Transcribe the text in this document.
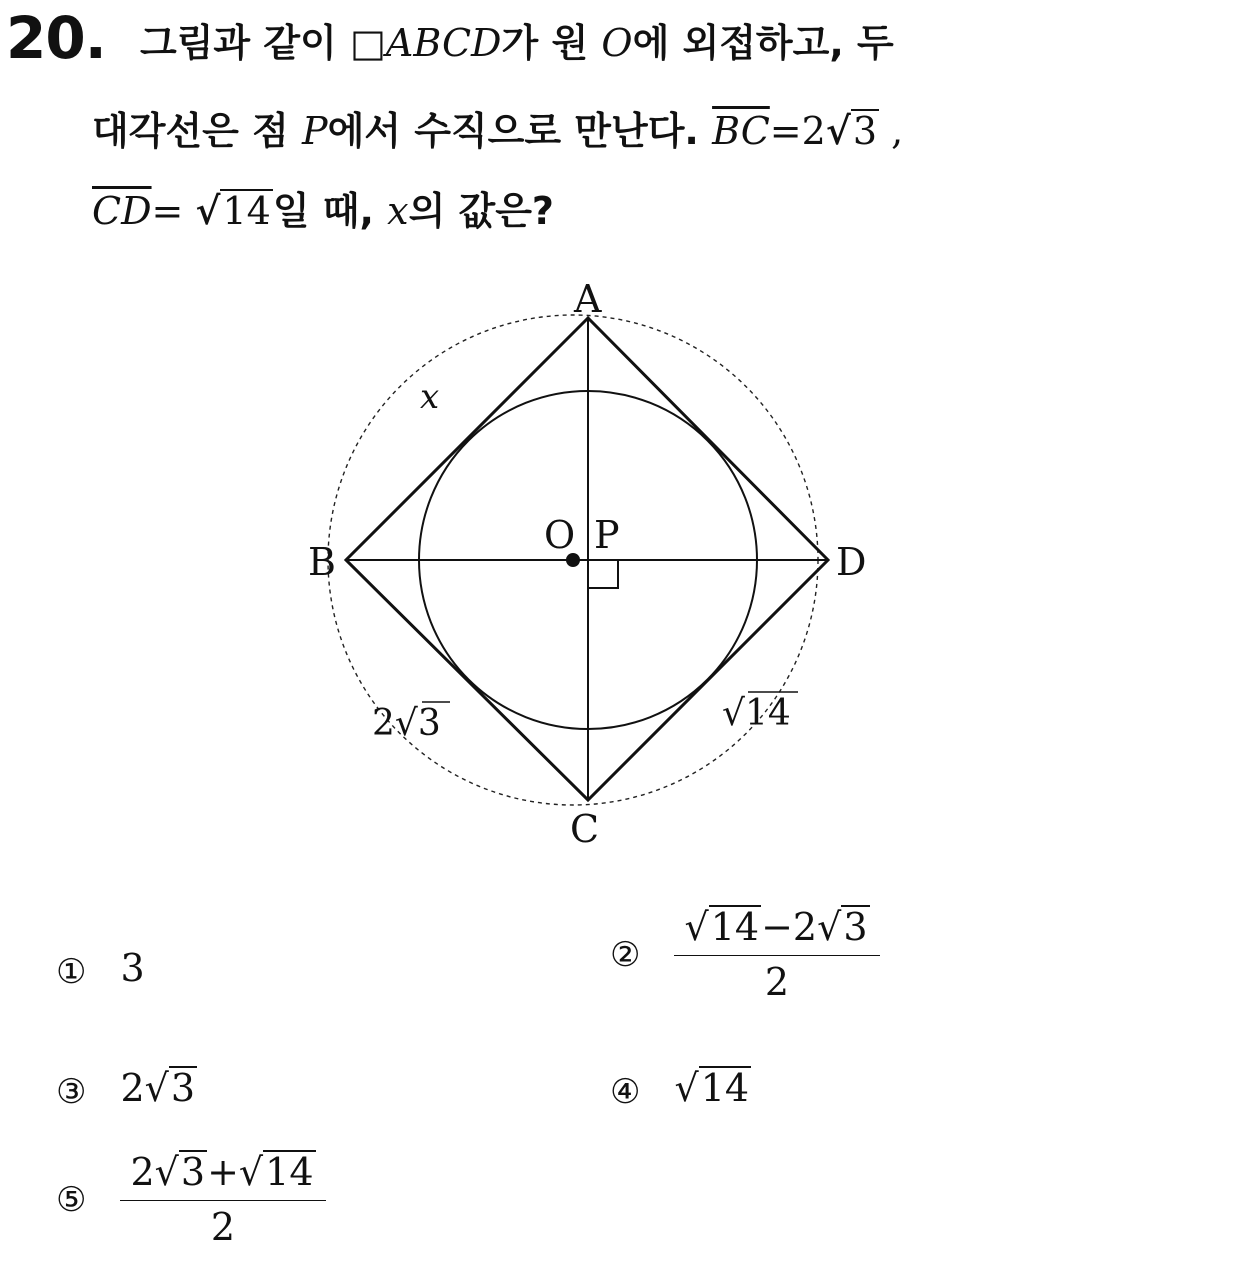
20. 그림과 같이 □ABCD가 원 O에 외접하고, 두
대각선은 점 P에서 수직으로 만난다. $\overline{BC}=2√3$ ,
$\overline{CD}= √14$일 때, x의 값은?
A
B
C
D
O P
x
2√3	√14
① 3	② $\frac{√14-2√3}{2}$
③ 2√3	④ √14
⑤ $\frac{2√3+√14}{2}$
